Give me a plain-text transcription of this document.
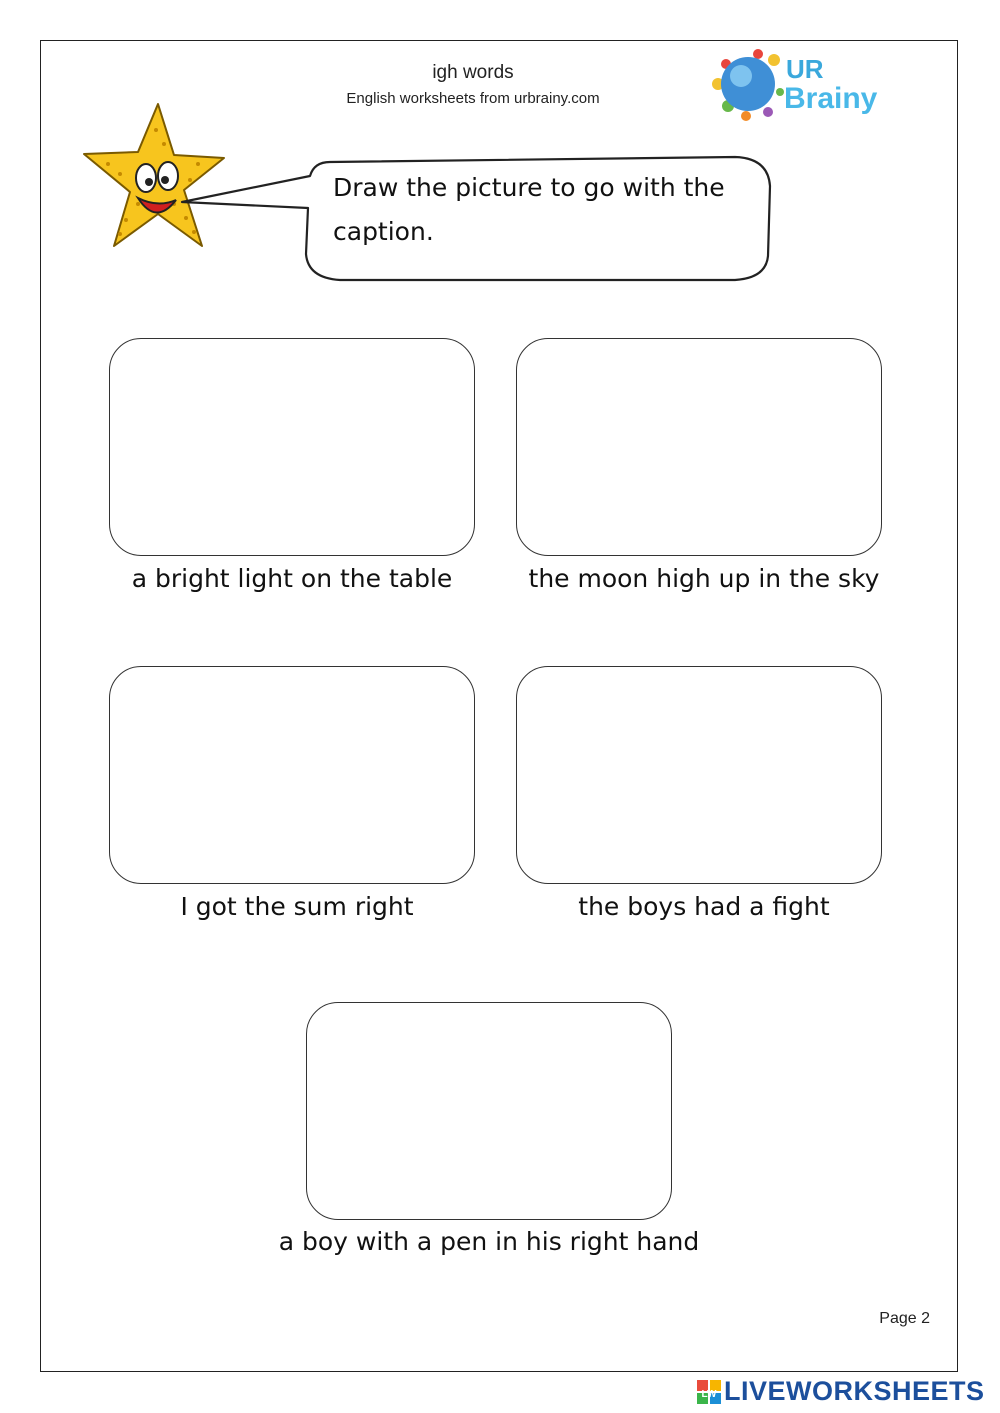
igh words
English worksheets from urbrainy.com
UR
Brainy
Draw the picture to go with the caption.
a bright light on the table	the moon high up in the sky
I got the sum right	the boys had a fight
a boy with a pen in his right hand
Page 2
LW LIVEWORKSHEETS
